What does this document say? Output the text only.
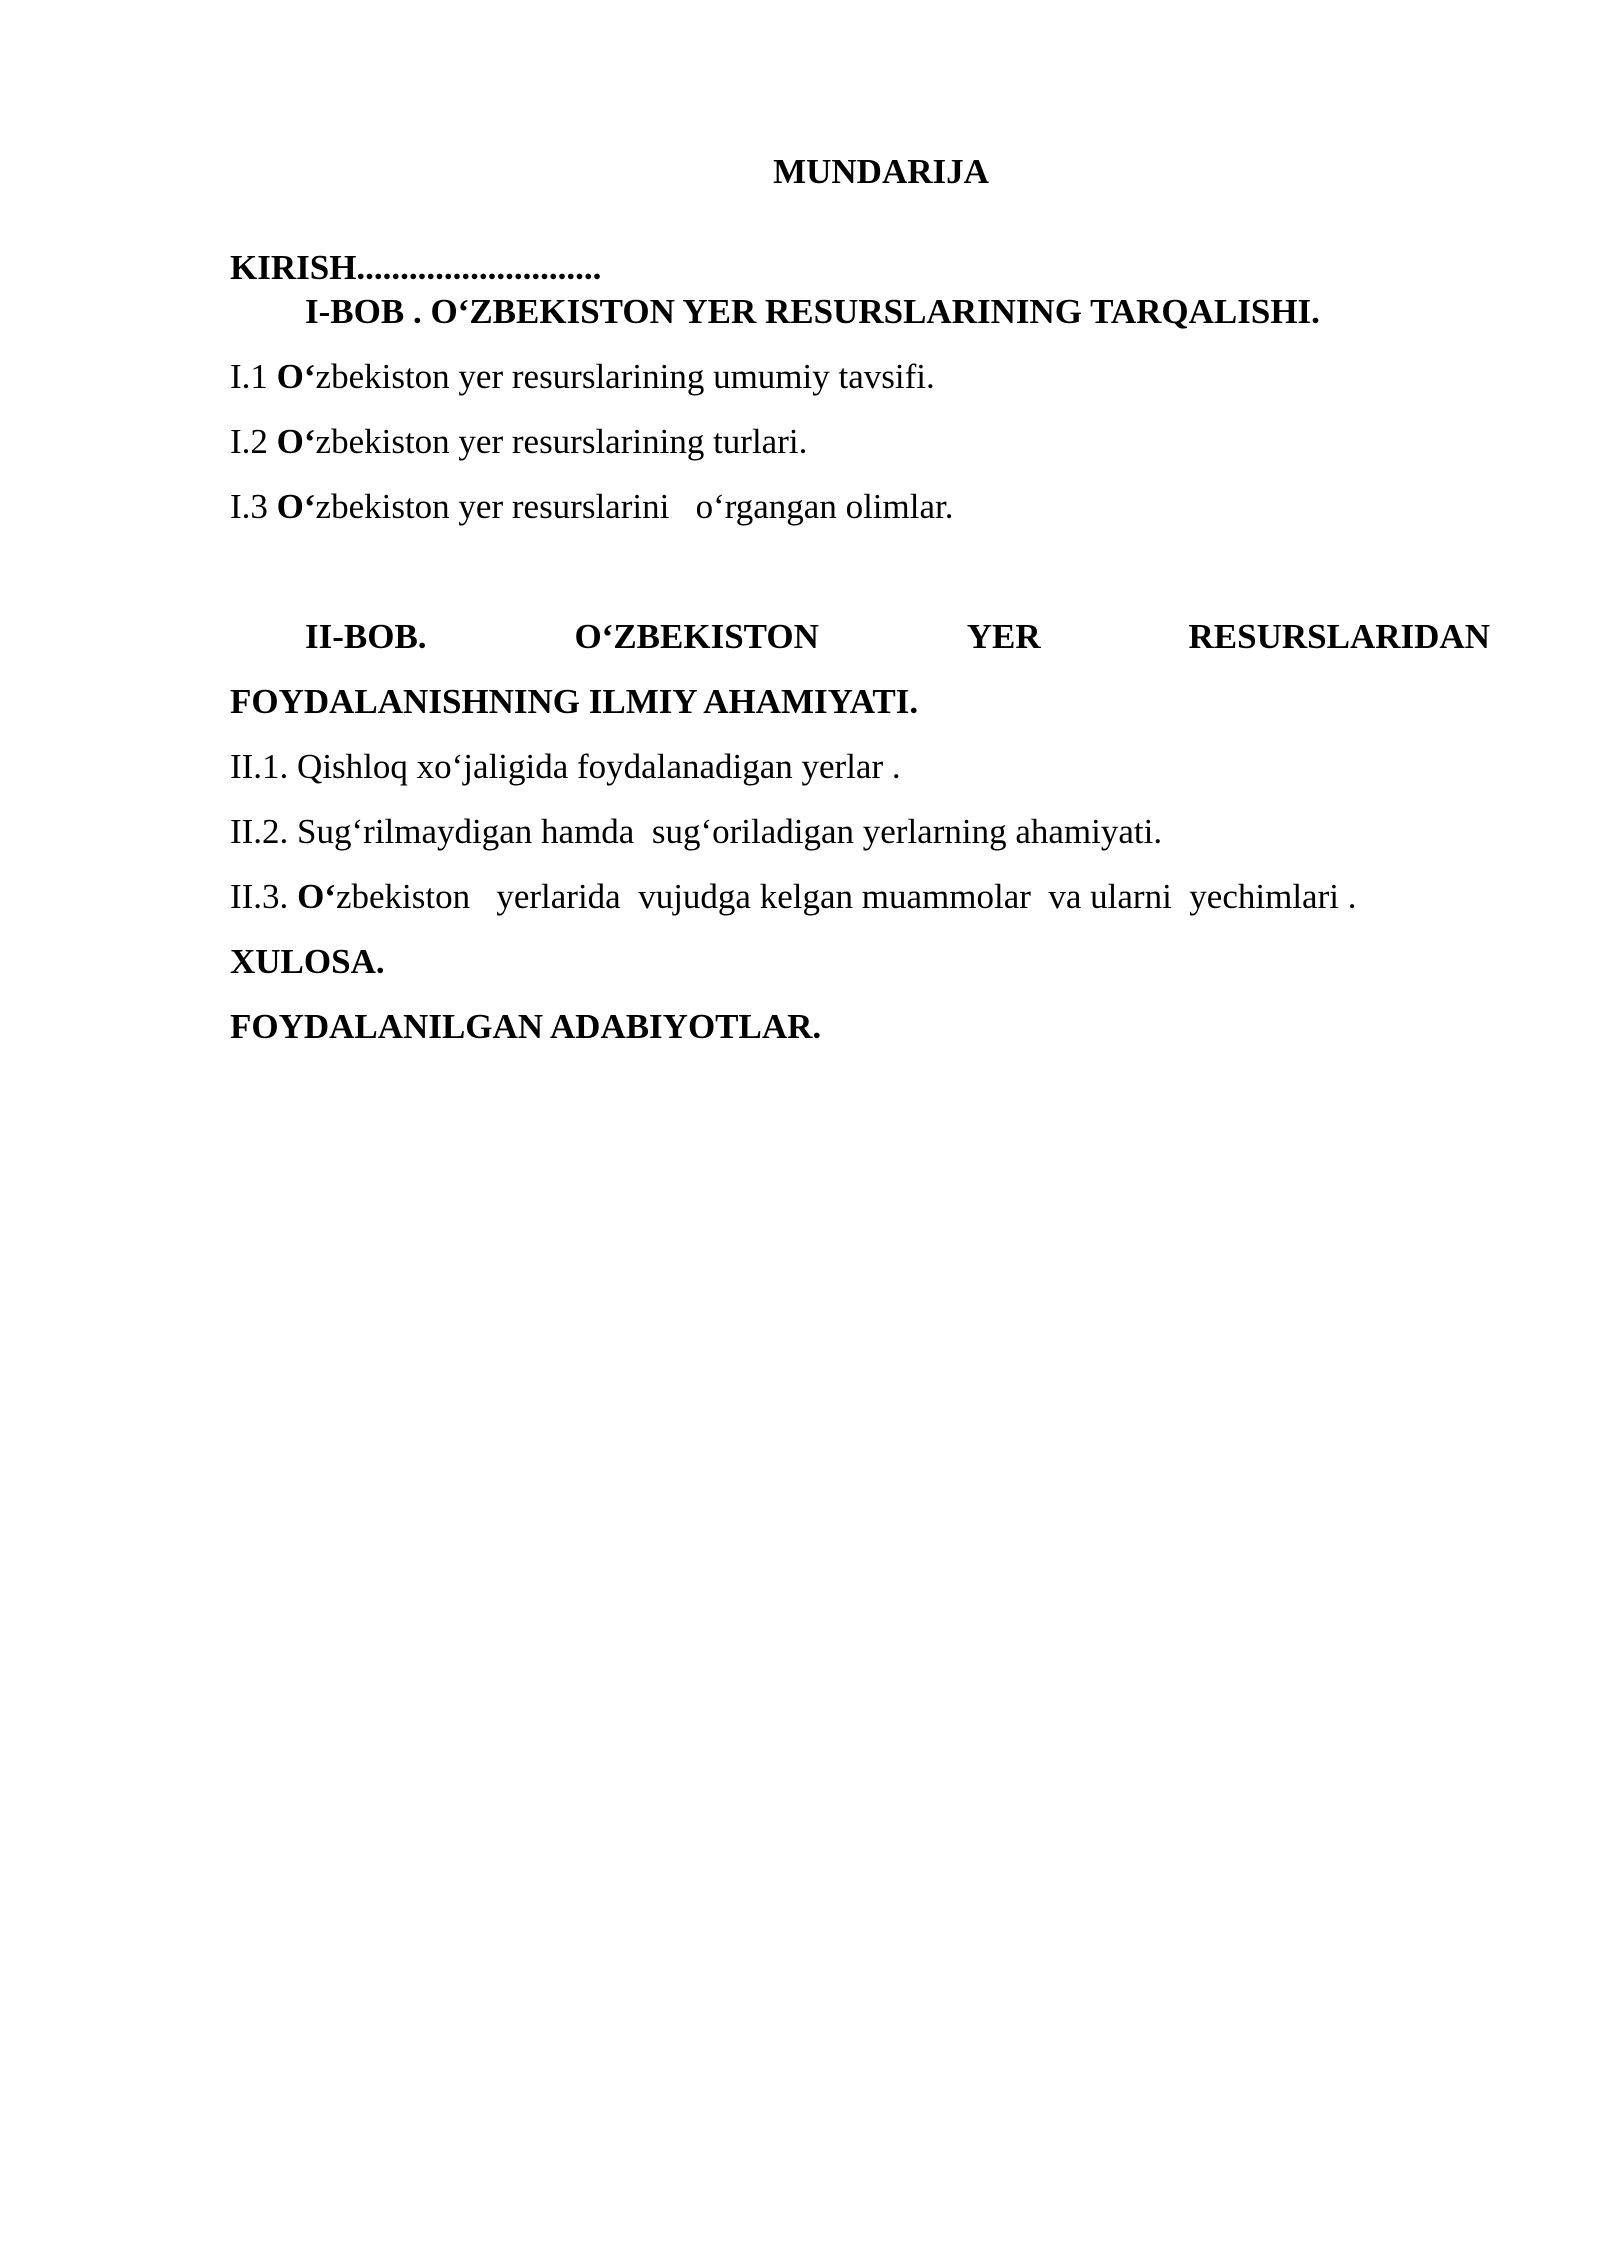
MUNDARIJA
KIRISH............................
I-BOB . O‘ZBEKISTON YER RESURSLARINING TARQALISHI.
I.1 O‘zbekiston yer resurslarining umumiy tavsifi.
I.2 O‘zbekiston yer resurslarining turlari.
I.3 O‘zbekiston yer resurslarini   o‘rgangan olimlar.
II-BOB.	O‘ZBEKISTON	YER	RESURSLARIDAN
FOYDALANISHNING ILMIY AHAMIYATI.
II.1. Qishloq xo‘jaligida foydalanadigan yerlar .
II.2. Sug‘rilmaydigan hamda  sug‘oriladigan yerlarning ahamiyati.
II.3. O‘zbekiston   yerlarida  vujudga kelgan muammolar  va ularni  yechimlari .
XULOSA.
FOYDALANILGAN ADABIYOTLAR.
